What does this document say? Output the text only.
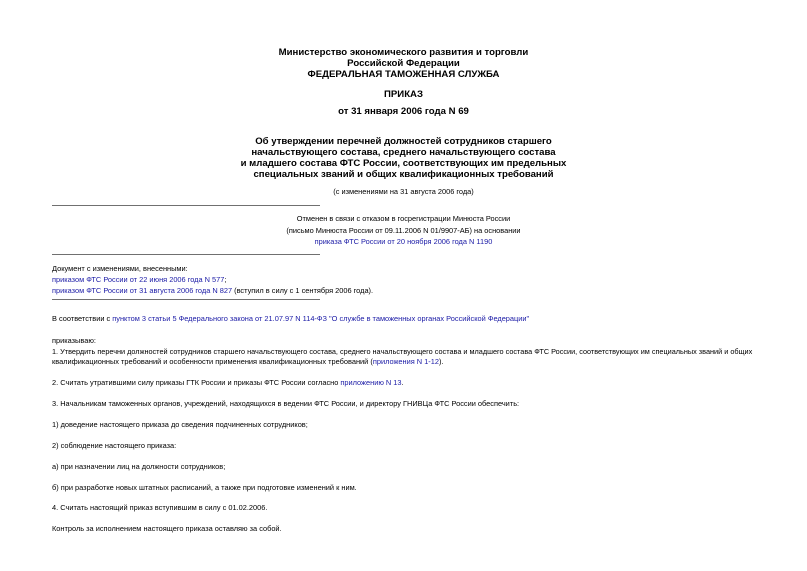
Министерство экономического развития и торговли
Российской Федерации
ФЕДЕРАЛЬНАЯ ТАМОЖЕННАЯ СЛУЖБА
ПРИКАЗ
от 31 января 2006 года N 69
Об утверждении перечней должностей сотрудников старшего
начальствующего состава, среднего начальствующего состава
и младшего состава ФТС России, соответствующих им предельных
специальных званий и общих квалификационных требований
(с изменениями на 31 августа 2006 года)
Отменен в связи с отказом в госрегистрации Минюста России
(письмо Минюста России от 09.11.2006 N 01/9907-АБ) на основании
приказа ФТС России от 20 ноября 2006 года N 1190
Документ с изменениями, внесенными:
приказом ФТС России от 22 июня 2006 года N 577;
приказом ФТС России от 31 августа 2006 года N 827 (вступил в силу с 1 сентября 2006 года).
В соответствии с пунктом 3 статьи 5 Федерального закона от 21.07.97 N 114-ФЗ "О службе в таможенных органах Российской Федерации"
приказываю:
1. Утвердить перечни должностей сотрудников старшего начальствующего состава, среднего начальствующего состава и младшего состава ФТС России, соответствующих им специальных званий и общих
квалификационных требований и особенности применения квалификационных требований (приложения N 1-12).
2. Считать утратившими силу приказы ГТК России и приказы ФТС России согласно приложению N 13.
3. Начальникам таможенных органов, учреждений, находящихся в ведении ФТС России, и директору ГНИВЦа ФТС России обеспечить:
1) доведение настоящего приказа до сведения подчиненных сотрудников;
2) соблюдение настоящего приказа:
а) при назначении лиц на должности сотрудников;
б) при разработке новых штатных расписаний, а также при подготовке изменений к ним.
4. Считать настоящий приказ вступившим в силу с 01.02.2006.
Контроль за исполнением настоящего приказа оставляю за собой.
